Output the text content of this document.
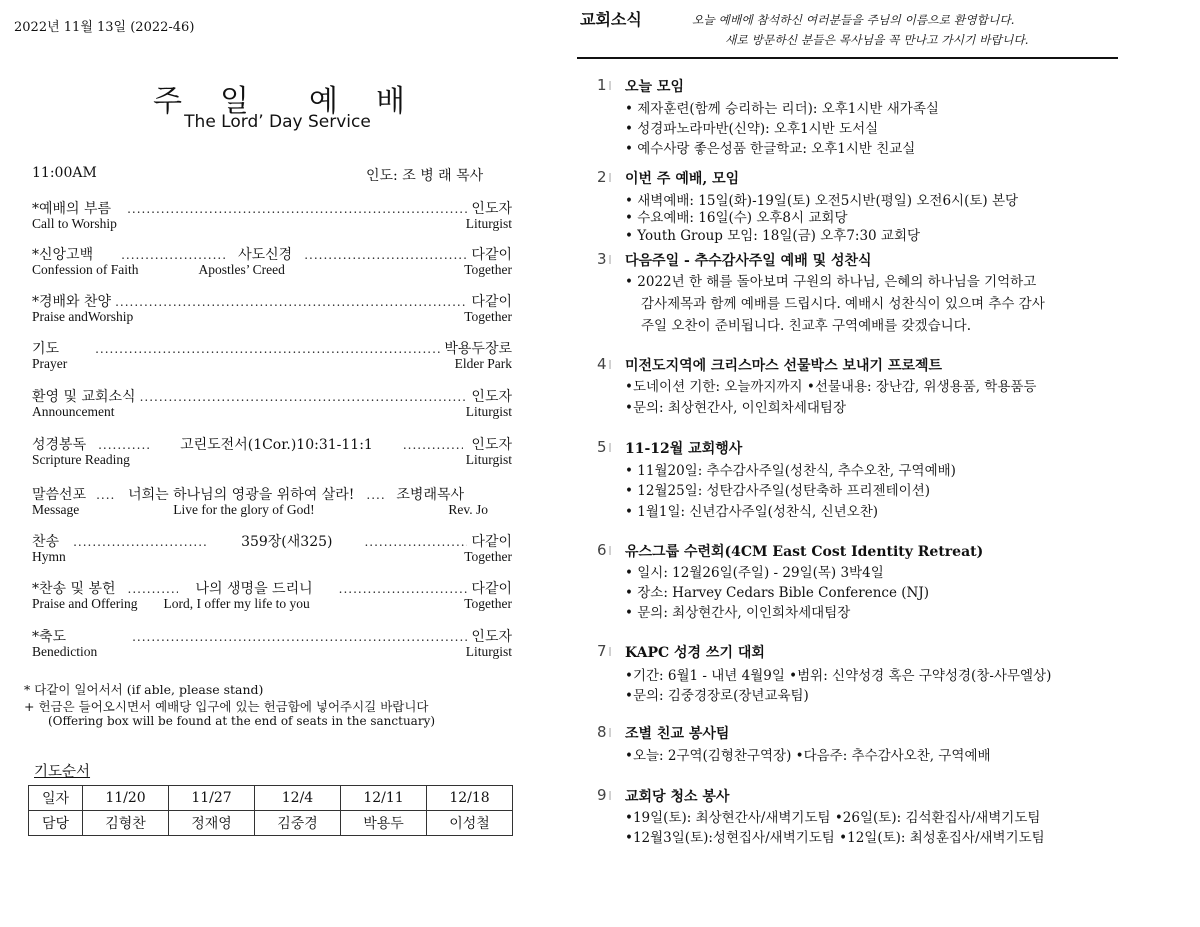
2022년 11월 13일 (2022-46)
주 일 예 배
The Lord’ Day Service
11:00AM	인도: 조 병 래 목사
*예배의 부름 .....	인도자
Call to Worship	Liturgist
*신앙고백 .....	사도신경 .....	다같이
Confession of Faith	Apostles’ Creed	Together
*경배와 찬양 .....	다같이
Praise andWorship	Together
기도 .....	박용두장로
Prayer	Elder Park
환영 및 교회소식 .....	인도자
Announcement	Liturgist
성경봉독 .....	고린도전서(1Cor.)10:31-11:1 .....	인도자
Scripture Reading	Liturgist
말씀선포 .....	너희는 하나님의 영광을 위하여 살라! .....	조병래목사
Message	Live for the glory of God!	Rev. Jo
찬송 .....	359장(새325) .....	다같이
Hymn	Together
*찬송 및 봉헌 .....	나의 생명을 드리니 .....	다같이
Praise and Offering Lord, I offer my life to you	Together
*축도 .....	인도자
Benediction	Liturgist
* 다같이 일어서서 (if able, please stand)
+ 헌금은 들어오시면서 예배당 입구에 있는 헌금함에 넣어주시길 바랍니다
(Offering box will be found at the end of seats in the sanctuary)
기도순서
일자	11/20	11/27	12/4	12/11	12/18
담당	김형찬	정재영	김중경	박용두	이성철
교회소식	오늘 예배에 참석하신 여러분들을 주님의 이름으로 환영합니다.
새로 방문하신 분들은 목사님을 꼭 만나고 가시기 바랍니다.
1 |	오늘 모임
• 제자훈련(함께 승리하는 리더): 오후1시반 새가족실
• 성경파노라마반(신약): 오후1시반 도서실
• 예수사랑 좋은성품 한글학교: 오후1시반 친교실
2 |	이번 주 예배, 모임
• 새벽예배: 15일(화)-19일(토) 오전5시반(평일) 오전6시(토) 본당
• 수요예배: 16일(수) 오후8시 교회당
• Youth Group 모임: 18일(금) 오후7:30 교회당
3 |	다음주일 - 추수감사주일 예배 및 성찬식
• 2022년 한 해를 돌아보며 구원의 하나님, 은혜의 하나님을 기억하고
감사제목과 함께 예배를 드립시다. 예배시 성찬식이 있으며 추수 감사
주일 오찬이 준비됩니다. 친교후 구역예배를 갖겠습니다.
4 |	미전도지역에 크리스마스 선물박스 보내기 프로젝트
•도네이션 기한: 오늘까지까지 •선물내용: 장난감, 위생용품, 학용품등
•문의: 최상현간사, 이인희차세대팀장
5 |	11-12월 교회행사
• 11월20일: 추수감사주일(성찬식, 추수오찬, 구역예배)
• 12월25일: 성탄감사주일(성탄축하 프리젠테이션)
• 1월1일: 신년감사주일(성찬식, 신년오찬)
6 |	유스그룹 수련회(4CM East Cost Identity Retreat)
• 일시: 12월26일(주일) - 29일(목) 3박4일
• 장소: Harvey Cedars Bible Conference (NJ)
• 문의: 최상현간사, 이인희차세대팀장
7 |	KAPC 성경 쓰기 대회
•기간: 6월1 - 내년 4월9일 •범위: 신약성경 혹은 구약성경(창-사무엘상)
•문의: 김중경장로(장년교육팀)
8 |	조별 친교 봉사팀
•오늘: 2구역(김형찬구역장) •다음주: 추수감사오찬, 구역예배
9 |	교회당 청소 봉사
•19일(토): 최상현간사/새벽기도팀 •26일(토): 김석환집사/새벽기도팀
•12월3일(토):성현집사/새벽기도팀 •12일(토): 최성훈집사/새벽기도팀
